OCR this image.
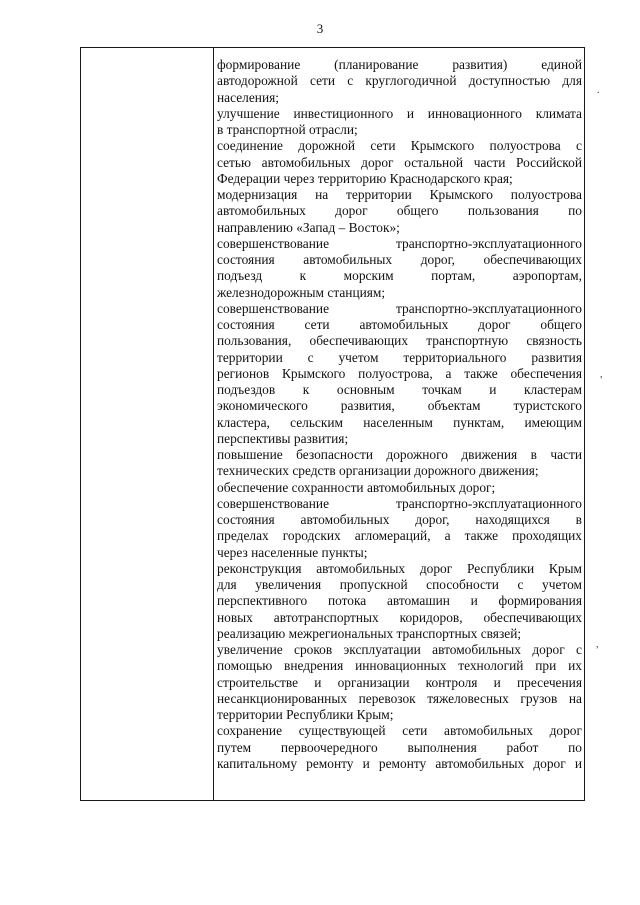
3
формирование (планирование развития) единой
автодорожной сети с круглогодичной доступностью для
населения;
улучшение инвестиционного и инновационного климата
в транспортной отрасли;
соединение дорожной сети Крымского полуострова с
сетью автомобильных дорог остальной части Российской
Федерации через территорию Краснодарского края;
модернизация на территории Крымского полуострова
автомобильных дорог общего пользования по
направлению «Запад – Восток»;
совершенствование транспортно-эксплуатационного
состояния автомобильных дорог, обеспечивающих
подъезд к морским портам, аэропортам,
железнодорожным станциям;
совершенствование транспортно-эксплуатационного
состояния сети автомобильных дорог общего
пользования, обеспечивающих транспортную связность
территории с учетом территориального развития
регионов Крымского полуострова, а также обеспечения
подъездов к основным точкам и кластерам
экономического развития, объектам туристского
кластера, сельским населенным пунктам, имеющим
перспективы развития;
повышение безопасности дорожного движения в части
технических средств организации дорожного движения;
обеспечение сохранности автомобильных дорог;
совершенствование транспортно-эксплуатационного
состояния автомобильных дорог, находящихся в
пределах городских агломераций, а также проходящих
через населенные пункты;
реконструкция автомобильных дорог Республики Крым
для увеличения пропускной способности с учетом
перспективного потока автомашин и формирования
новых автотранспортных коридоров, обеспечивающих
реализацию межрегиональных транспортных связей;
увеличение сроков эксплуатации автомобильных дорог с
помощью внедрения инновационных технологий при их
строительстве и организации контроля и пресечения
несанкционированных перевозок тяжеловесных грузов на
территории Республики Крым;
сохранение существующей сети автомобильных дорог
путем первоочередного выполнения работ по
капитальному ремонту и ремонту автомобильных дорог и
.
,
,
